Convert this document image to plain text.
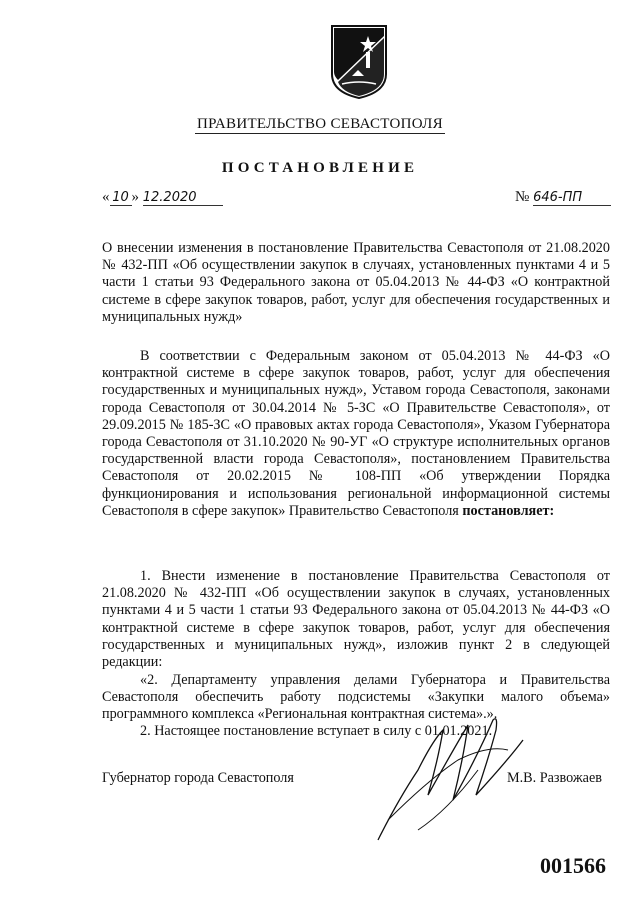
ПРАВИТЕЛЬСТВО СЕВАСТОПОЛЯ
ПОСТАНОВЛЕНИЕ
« 10 » 12.2020	№ 646-ПП

О внесении изменения в постановление Правительства Севастополя от 21.08.2020 № 432-ПП «Об осуществлении закупок в случаях, установленных пунктами 4 и 5 части 1 статьи 93 Федерального закона от 05.04.2013 № 44-ФЗ «О контрактной системе в сфере закупок товаров, работ, услуг для обеспечения государственных и муниципальных нужд»

В соответствии с Федеральным законом от 05.04.2013 № 44-ФЗ «О контрактной системе в сфере закупок товаров, работ, услуг для обеспечения государственных и муниципальных нужд», Уставом города Севастополя, законами города Севастополя от 30.04.2014 № 5-ЗС «О Правительстве Севастополя», от 29.09.2015 № 185-ЗС «О правовых актах города Севастополя», Указом Губернатора города Севастополя от 31.10.2020 № 90-УГ «О структуре исполнительных органов государственной власти города Севастополя», постановлением Правительства Севастополя от 20.02.2015 № 108-ПП «Об утверждении Порядка функционирования и использования региональной информационной системы Севастополя в сфере закупок» Правительство Севастополя постановляет:

1. Внести изменение в постановление Правительства Севастополя от 21.08.2020 № 432-ПП «Об осуществлении закупок в случаях, установленных пунктами 4 и 5 части 1 статьи 93 Федерального закона от 05.04.2013 № 44-ФЗ «О контрактной системе в сфере закупок товаров, работ, услуг для обеспечения государственных и муниципальных нужд», изложив пункт 2 в следующей редакции:

«2. Департаменту управления делами Губернатора и Правительства Севастополя обеспечить работу подсистемы «Закупки малого объема» программного комплекса «Региональная контрактная система».».

2. Настоящее постановление вступает в силу с 01.01.2021.

Губернатор города Севастополя	М.В. Развожаев
001566
